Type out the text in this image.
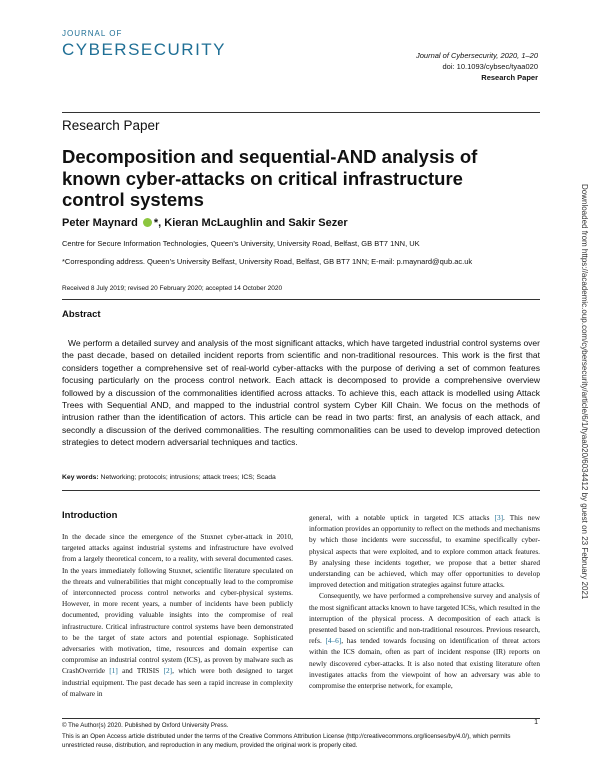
JOURNAL OF
CYBERSECURITY	Journal of Cybersecurity, 2020, 1–20
doi: 10.1093/cybsec/tyaa020
Research Paper
Research Paper
Decomposition and sequential-AND analysis of known cyber-attacks on critical infrastructure control systems
Peter Maynard *, Kieran McLaughlin and Sakir Sezer
Centre for Secure Information Technologies, Queen’s University, University Road, Belfast, GB BT7 1NN, UK
*Corresponding address. Queen’s University Belfast, University Road, Belfast, GB BT7 1NN; E-mail: p.maynard@qub.ac.uk
Received 8 July 2019; revised 20 February 2020; accepted 14 October 2020
Abstract
We perform a detailed survey and analysis of the most significant attacks, which have targeted industrial control systems over the past decade, based on detailed incident reports from scientific and non-traditional resources. This work is the first that considers together a comprehensive set of real-world cyber-attacks with the purpose of deriving a set of common features focusing particularly on the process control network. Each attack is decomposed to provide a comprehensive overview followed by a discussion of the commonalities identified across attacks. To achieve this, each attack is modelled using Attack Trees with Sequential AND, and mapped to the industrial control system Cyber Kill Chain. We focus on the methods of intrusion rather than the identification of actors. This article can be read in two parts: first, an analysis of each attack, and secondly a discussion of the derived commonalities. The resulting commonalities can be used to develop improved detection strategies to detect modern adversarial techniques and tactics.
Key words: Networking; protocols; intrusions; attack trees; ICS; Scada
Introduction

In the decade since the emergence of the Stuxnet cyber-attack in 2010, targeted attacks against industrial systems and infrastructure have evolved from a largely theoretical concern, to a reality, with several documented cases. In the years immediately following Stuxnet, scientific literature speculated on the threats and vulnerabilities that might conceptually lead to the compromise of interconnected process control networks and cyber-physical systems. However, in more recent years, a number of incidents have been publicly documented, providing valuable insights into the compromise of real infrastructure. Critical infrastructure control systems have been demonstrated to be the target of state actors and potential espionage. Sophisticated adversaries with motivation, time, resources and domain expertise can compromise an industrial control system (ICS), as proven by malware such as CrashOverride [1] and TRISIS [2], which were both designed to target industrial equipment. The past decade has seen a rapid increase in complexity of malware in

general, with a notable uptick in targeted ICS attacks [3]. This new information provides an opportunity to reflect on the methods and mechanisms by which those incidents were successful, to examine specifically cyber-physical aspects that were exploited, and to explore common attack features. By analysing these incidents together, we propose that a better shared understanding can be achieved, which may offer opportunities to develop improved detection and mitigation strategies against future attacks.

Consequently, we have performed a comprehensive survey and analysis of the most significant attacks known to have targeted ICSs, which resulted in the interruption of the physical process. A decomposition of each attack is presented based on scientific and non-traditional resources. Previous research, refs. [4–6], has tended towards focusing on identification of threat actors within the ICS domain, often as part of incident response (IR) reports on newly discovered cyber-attacks. It is also noted that existing literature often investigates attacks from the viewpoint of how an adversary was able to compromise the enterprise network, for example,

© The Author(s) 2020. Published by Oxford University Press.	1
This is an Open Access article distributed under the terms of the Creative Commons Attribution License (http://creativecommons.org/licenses/by/4.0/), which permits unrestricted reuse, distribution, and reproduction in any medium, provided the original work is properly cited.
Downloaded from https://academic.oup.com/cybersecurity/article/6/1/tyaa020/6034412 by guest on 23 February 2021
